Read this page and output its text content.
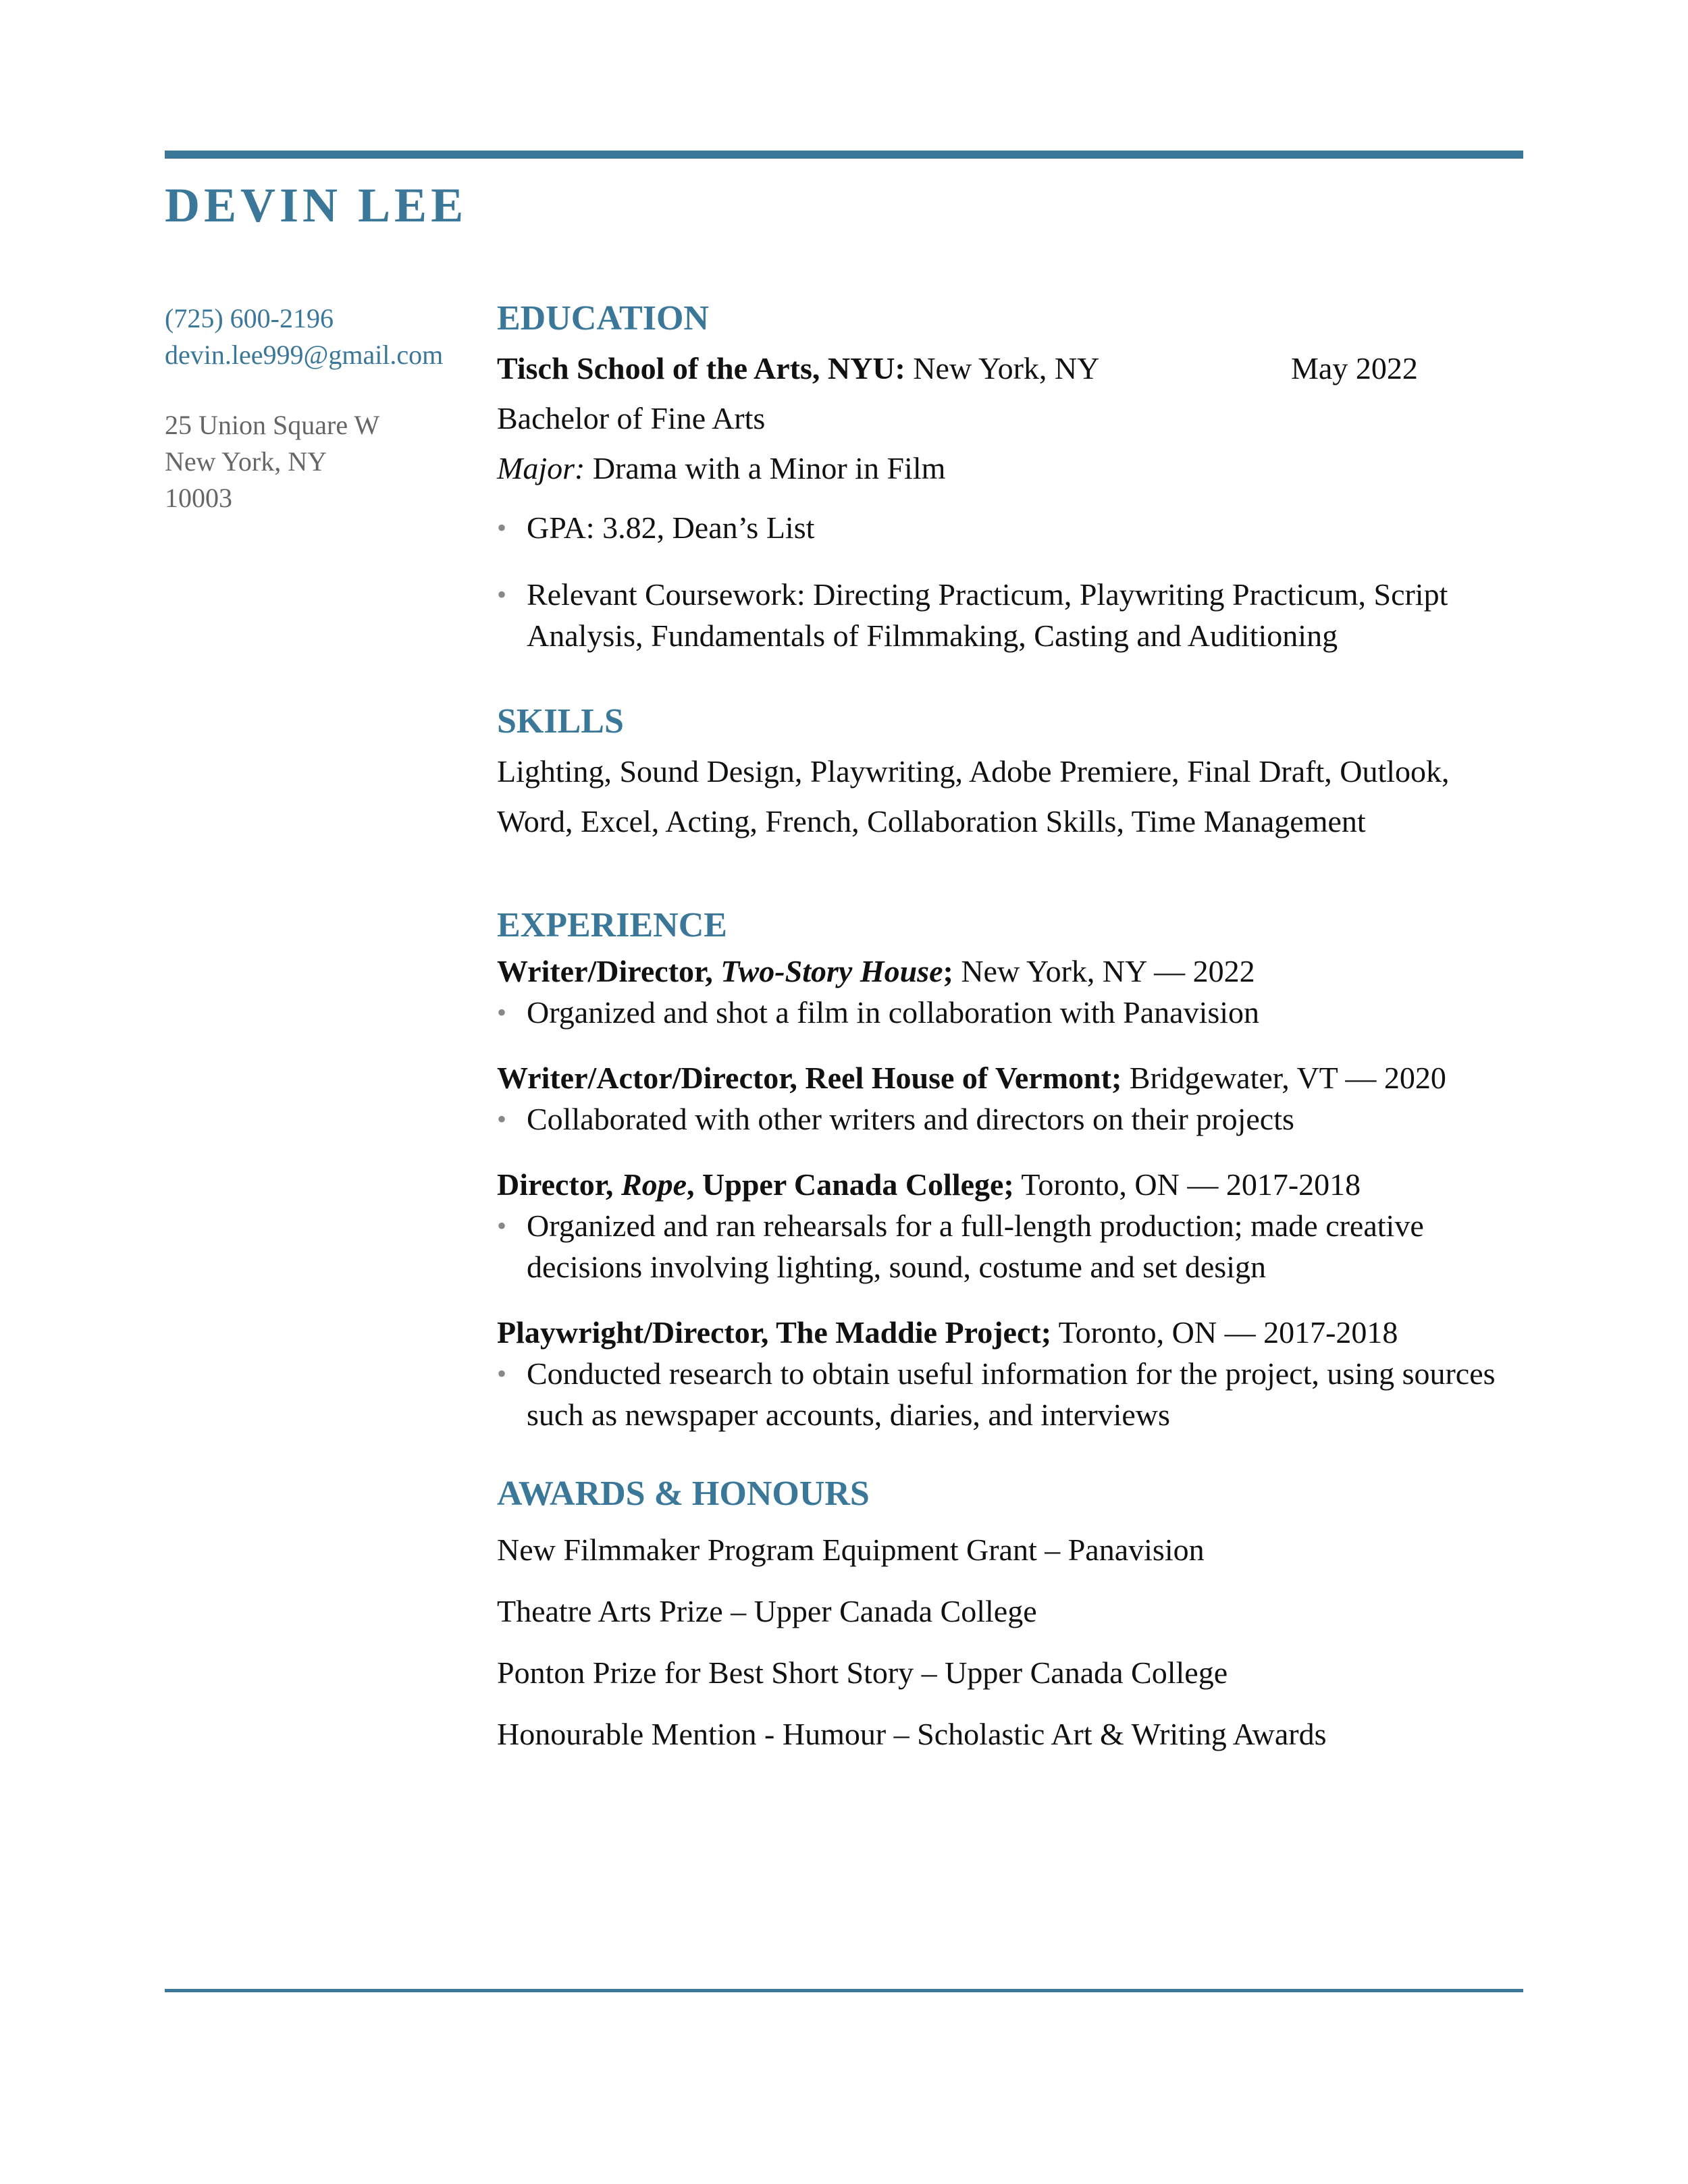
DEVIN LEE
(725) 600-2196
devin.lee999@gmail.com
25 Union Square W
New York, NY
10003
EDUCATION
Tisch School of the Arts, NYU: New York, NY	May 2022
Bachelor of Fine Arts
Major: Drama with a Minor in Film
• GPA: 3.82, Dean’s List
• Relevant Coursework: Directing Practicum, Playwriting Practicum, Script Analysis, Fundamentals of Filmmaking, Casting and Auditioning
SKILLS
Lighting, Sound Design, Playwriting, Adobe Premiere, Final Draft, Outlook, Word, Excel, Acting, French, Collaboration Skills, Time Management
EXPERIENCE
Writer/Director, Two-Story House; New York, NY — 2022
• Organized and shot a film in collaboration with Panavision
Writer/Actor/Director, Reel House of Vermont; Bridgewater, VT — 2020
• Collaborated with other writers and directors on their projects
Director, Rope, Upper Canada College; Toronto, ON — 2017-2018
• Organized and ran rehearsals for a full-length production; made creative decisions involving lighting, sound, costume and set design
Playwright/Director, The Maddie Project; Toronto, ON — 2017-2018
• Conducted research to obtain useful information for the project, using sources such as newspaper accounts, diaries, and interviews
AWARDS & HONOURS
New Filmmaker Program Equipment Grant – Panavision
Theatre Arts Prize – Upper Canada College
Ponton Prize for Best Short Story – Upper Canada College
Honourable Mention - Humour – Scholastic Art & Writing Awards
